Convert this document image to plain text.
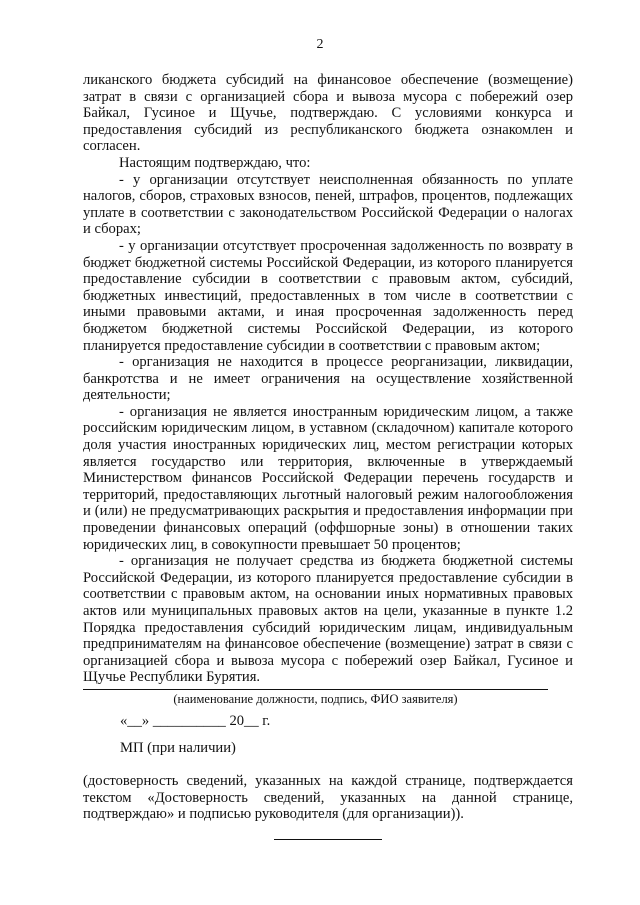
2

ликанского бюджета субсидий на финансовое обеспечение (возмещение) затрат в связи с организацией сбора и вывоза мусора с побережий озер Байкал, Гусиное и Щучье, подтверждаю. С условиями конкурса и предоставления субсидий из республиканского бюджета ознакомлен и согласен.

Настоящим подтверждаю, что:

- у организации отсутствует неисполненная обязанность по уплате налогов, сборов, страховых взносов, пеней, штрафов, процентов, подлежащих уплате в соответствии с законодательством Российской Федерации о налогах и сборах;

- у организации отсутствует просроченная задолженность по возврату в бюджет бюджетной системы Российской Федерации, из которого планируется предоставление субсидии в соответствии с правовым актом, субсидий, бюджетных инвестиций, предоставленных в том числе в соответствии с иными правовыми актами, и иная просроченная задолженность перед бюджетом бюджетной системы Российской Федерации, из которого планируется предоставление субсидии в соответствии с правовым актом;

- организация не находится в процессе реорганизации, ликвидации, банкротства и не имеет ограничения на осуществление хозяйственной деятельности;

- организация не является иностранным юридическим лицом, а также российским юридическим лицом, в уставном (складочном) капитале которого доля участия иностранных юридических лиц, местом регистрации которых является государство или территория, включенные в утверждаемый Министерством финансов Российской Федерации перечень государств и территорий, предоставляющих льготный налоговый режим налогообложения и (или) не предусматривающих раскрытия и предоставления информации при проведении финансовых операций (оффшорные зоны) в отношении таких юридических лиц, в совокупности превышает 50 процентов;

- организация не получает средства из бюджета бюджетной системы Российской Федерации, из которого планируется предоставление субсидии в соответствии с правовым актом, на основании иных нормативных правовых актов или муниципальных правовых актов на цели, указанные в пункте 1.2 Порядка предоставления субсидий юридическим лицам, индивидуальным предпринимателям на финансовое обеспечение (возмещение) затрат в связи с организацией сбора и вывоза мусора с побережий озер Байкал, Гусиное и Щучье Республики Бурятия.

(наименование должности, подпись, ФИО заявителя)
«__» __________ 20__ г.
МП (при наличии)
(достоверность сведений, указанных на каждой странице, подтверждается текстом «Достоверность сведений, указанных на данной странице, подтверждаю» и подписью руководителя (для организации)).
